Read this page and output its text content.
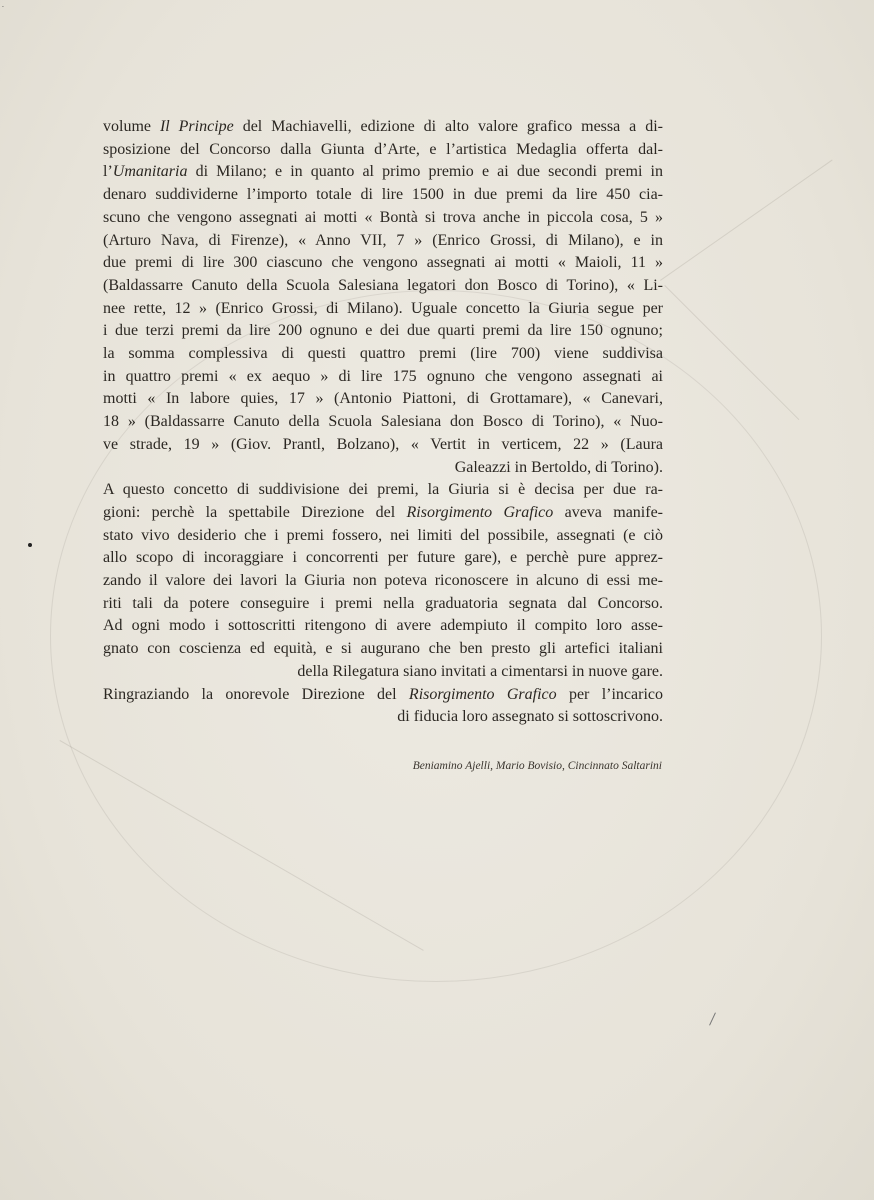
.
volume Il Principe del Machiavelli, edizione di alto valore grafico messa a di-
sposizione del Concorso dalla Giunta d’Arte, e l’artistica Medaglia offerta dal-
l’Umanitaria di Milano; e in quanto al primo premio e ai due secondi premi in
denaro suddividerne l’importo totale di lire 1500 in due premi da lire 450 cia-
scuno che vengono assegnati ai motti « Bontà si trova anche in piccola cosa, 5 »
(Arturo Nava, di Firenze), « Anno VII, 7 » (Enrico Grossi, di Milano), e in
due premi di lire 300 ciascuno che vengono assegnati ai motti « Maioli, 11 »
(Baldassarre Canuto della Scuola Salesiana legatori don Bosco di Torino), « Li-
nee rette, 12 » (Enrico Grossi, di Milano). Uguale concetto la Giuria segue per
i due terzi premi da lire 200 ognuno e dei due quarti premi da lire 150 ognuno;
la somma complessiva di questi quattro premi (lire 700) viene suddivisa
in quattro premi « ex aequo » di lire 175 ognuno che vengono assegnati ai
motti « In labore quies, 17 » (Antonio Piattoni, di Grottamare), « Canevari,
18 » (Baldassarre Canuto della Scuola Salesiana don Bosco di Torino), « Nuo-
ve strade, 19 » (Giov. Prantl, Bolzano), « Vertit in verticem, 22 » (Laura
Galeazzi in Bertoldo, di Torino).
A questo concetto di suddivisione dei premi, la Giuria si è decisa per due ra-
gioni: perchè la spettabile Direzione del Risorgimento Grafico aveva manife-
stato vivo desiderio che i premi fossero, nei limiti del possibile, assegnati (e ciò
allo scopo di incoraggiare i concorrenti per future gare), e perchè pure apprez-
zando il valore dei lavori la Giuria non poteva riconoscere in alcuno di essi me-
riti tali da potere conseguire i premi nella graduatoria segnata dal Concorso.
Ad ogni modo i sottoscritti ritengono di avere adempiuto il compito loro asse-
gnato con coscienza ed equità, e si augurano che ben presto gli artefici italiani
della Rilegatura siano invitati a cimentarsi in nuove gare.
Ringraziando la onorevole Direzione del Risorgimento Grafico per l’incarico
di fiducia loro assegnato si sottoscrivono.
Beniamino Ajelli, Mario Bovisio, Cincinnato Saltarini
